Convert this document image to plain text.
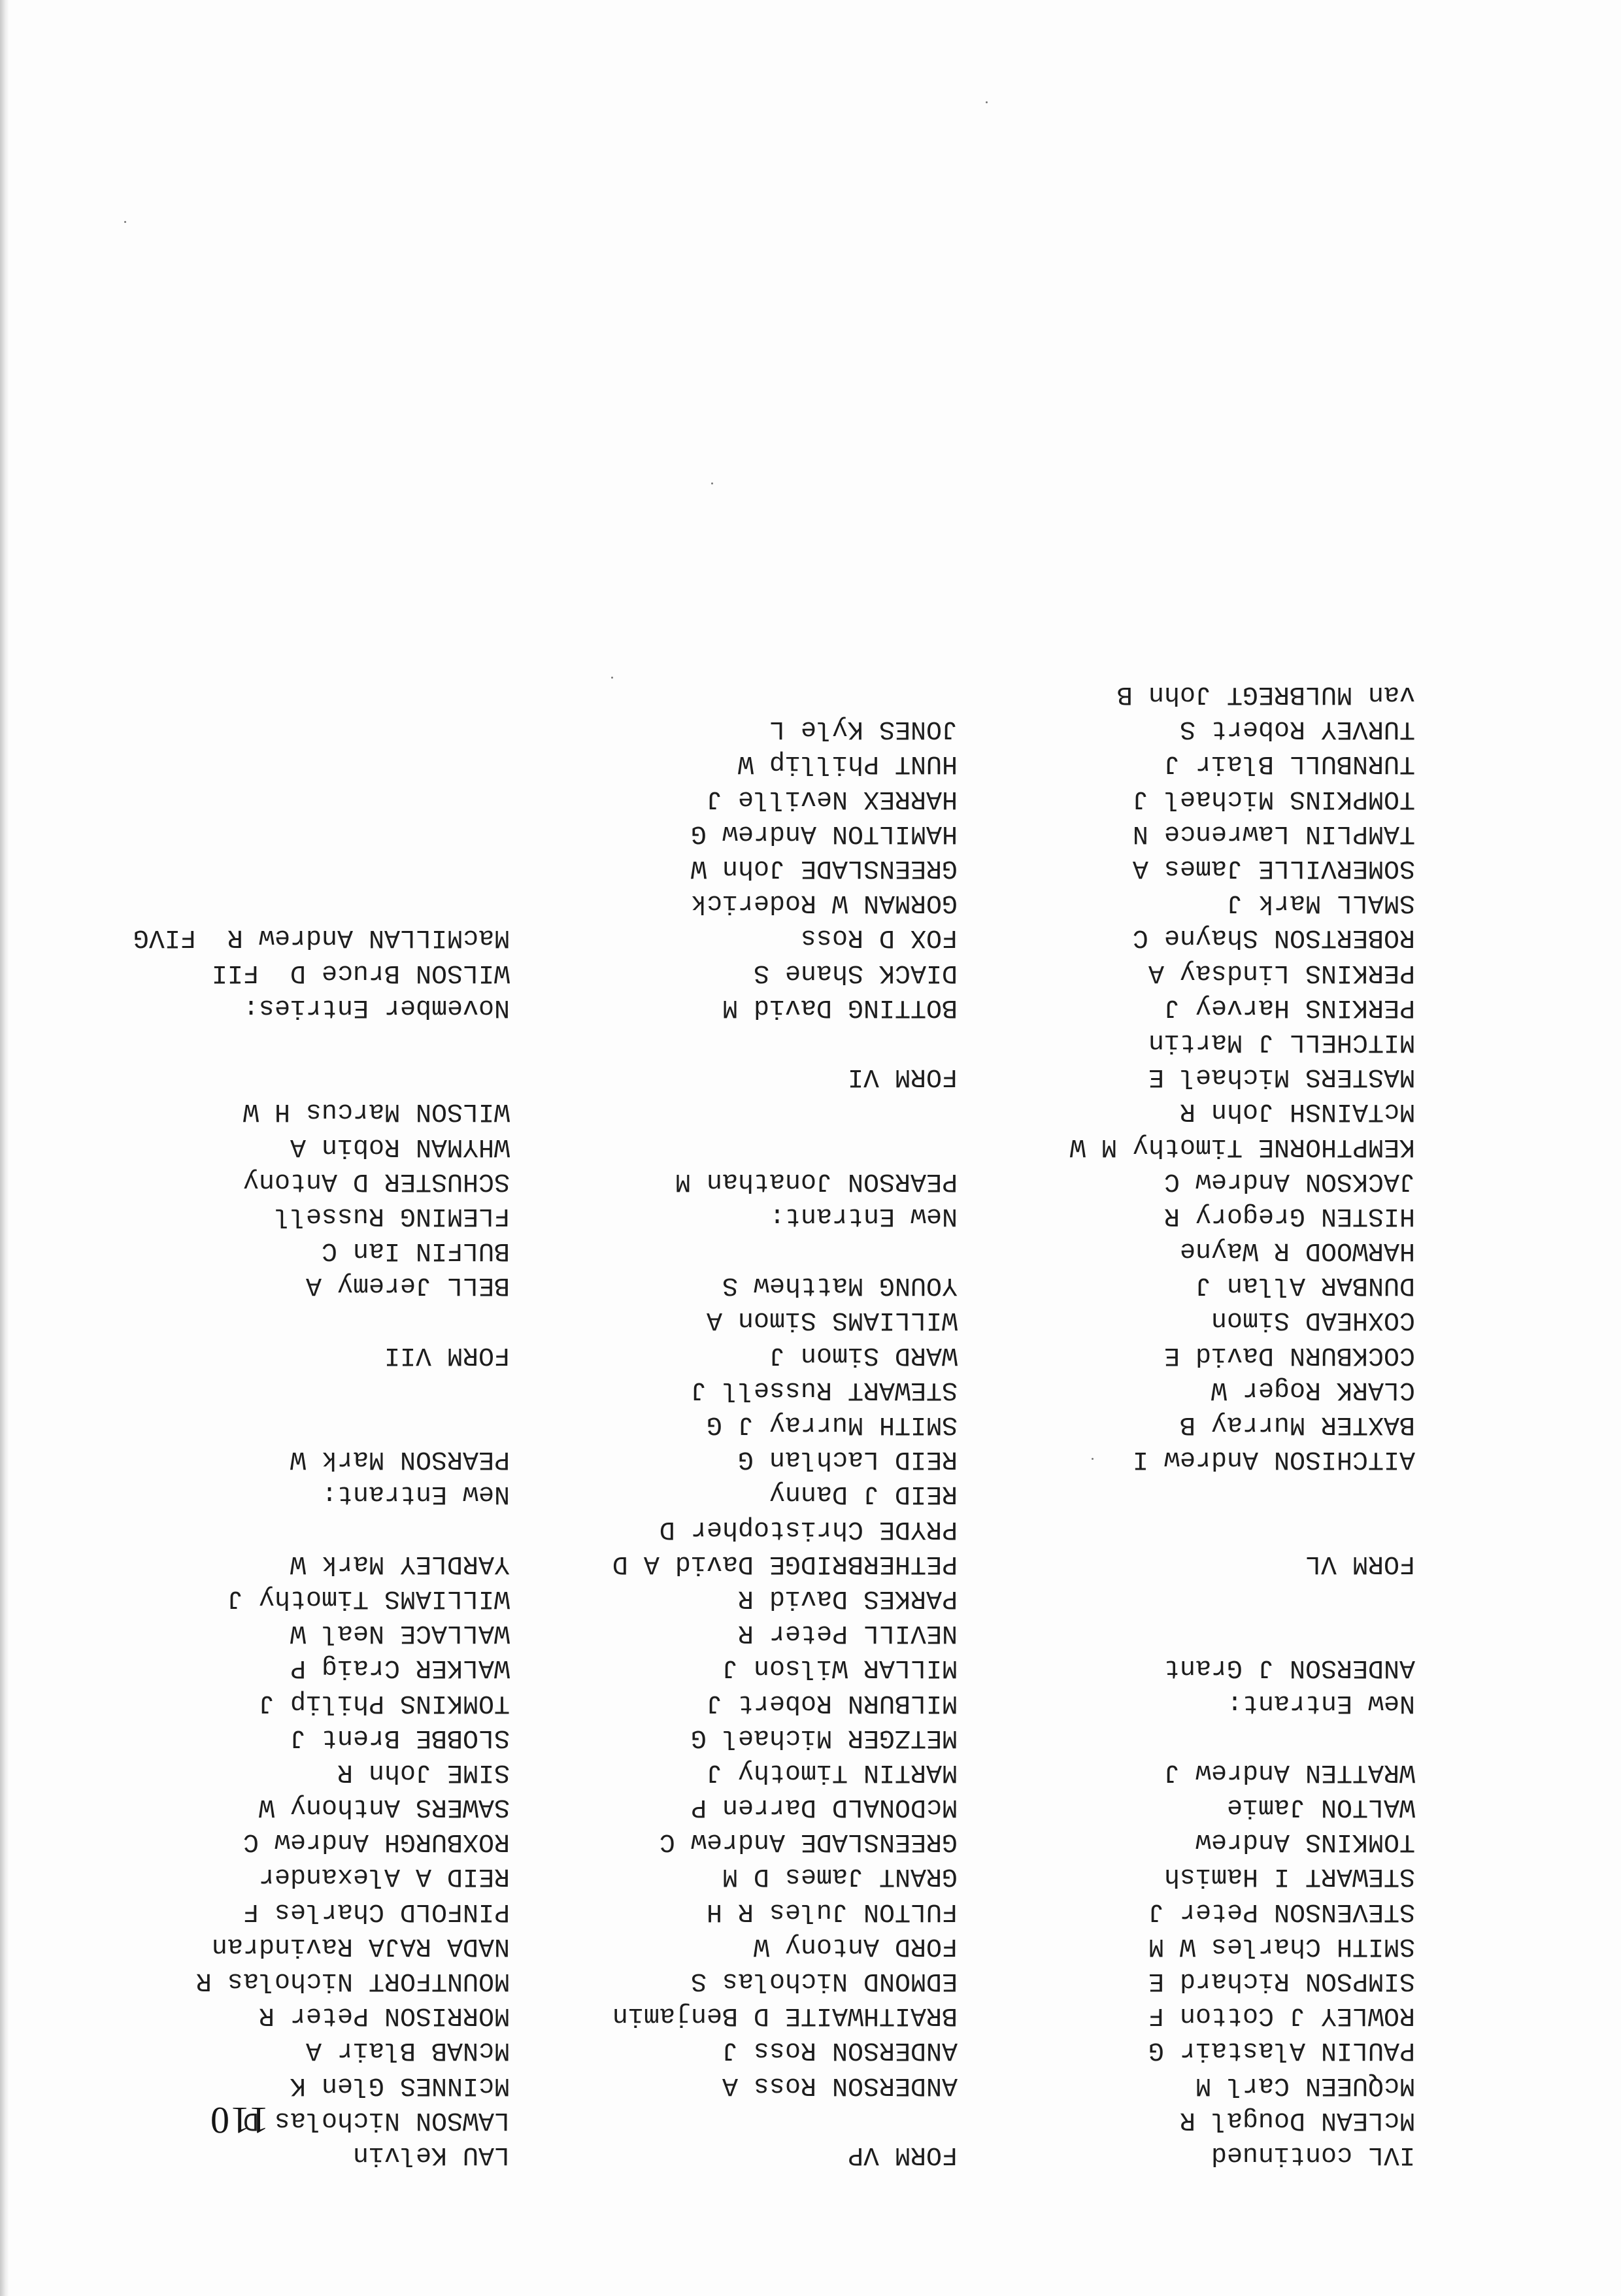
110
IVL continued
McLEAN Dougal R
McQUEEN Carl M
PAULIN Alastair G
ROWLEY J Cotton F
SIMPSON Richard E
SMITH Charles W M
STEVENSON Peter J
STEWART I Hamish
TOMKINS Andrew
WALTON Jamie
WRATTEN Andrew J

New Entrant:
ANDERSON J Grant

FORM VL

AITCHISON Andrew I
BAXTER Murray B
CLARK Roger W
COCKBURN David E
COXHEAD Simon
DUNBAR Allan J
HARWOOD R Wayne
HISTEN Gregory R
JACKSON Andrew C
KEMPTHORNE Timothy M W
McTAINSH John R
MASTERS Michael E
MITCHELL J Martin
PERKINS Harvey J
PERKINS Lindsay A
ROBERTSON Shayne C
SMALL Mark J
SOMERVILLE James A
TAMPLIN Lawrence N
TOMPKINS Michael J
TURNBULL Blair J
TURVEY Robert S
van MULBREGT John B
FORM VP

ANDERSON Ross A
ANDERSON Ross J
BRAITHWAITE D Benjamin
EDMOND Nicholas S
FORD Antony W
FULTON Jules R H
GRANT James D M
GREENSLADE Andrew C
McDONALD Darren P
MARTIN Timothy J
METZGER Michael G
MILBURN Robert J
MILLAR Wilson J
NEVILL Peter R
PARKES David R
PETHERBRIDGE David A D
PRYDE Christopher D
REID J Danny
REID Lachlan G
SMITH Murray J G
STEWART Russell J
WARD Simon J
WILLIAMS Simon A
YOUNG Matthew S

New Entrant:
PEARSON Jonathan M

FORM VI

BOTTING David M
DIACK Shane S
FOX D Ross
GORMAN W Roderick
GREENSLADE John W
HAMILTON Andrew G
HARREX Neville J
HUNT Phillip W
JONES Kyle L
LAU Kelvin
LAWSON Nicholas D
McINNES Glen K
McNAB Blair A
MORRISON Peter R
MOUNTFORT Nicholas R
NADA RAJA Ravindran
PINFOLD Charles F
REID A Alexander
ROXBURGH Andrew C
SAWERS Anthony W
SIME John R
SLOBBE Brent J
TOMKINS Philip J
WALKER Craig P
WALLACE Neal W
WILLIAMS Timothy J
YARDLEY Mark W

New Entrant:
PEARSON Mark W

FORM VII

BELL Jeremy A
BULFIN Ian C
FLEMING Russell
SCHUSTER D Antony
WHYMAN Robin A
WILSON Marcus H W

November Entries:
WILSON Bruce D  FII
MacMILLAN Andrew R  FIVG
